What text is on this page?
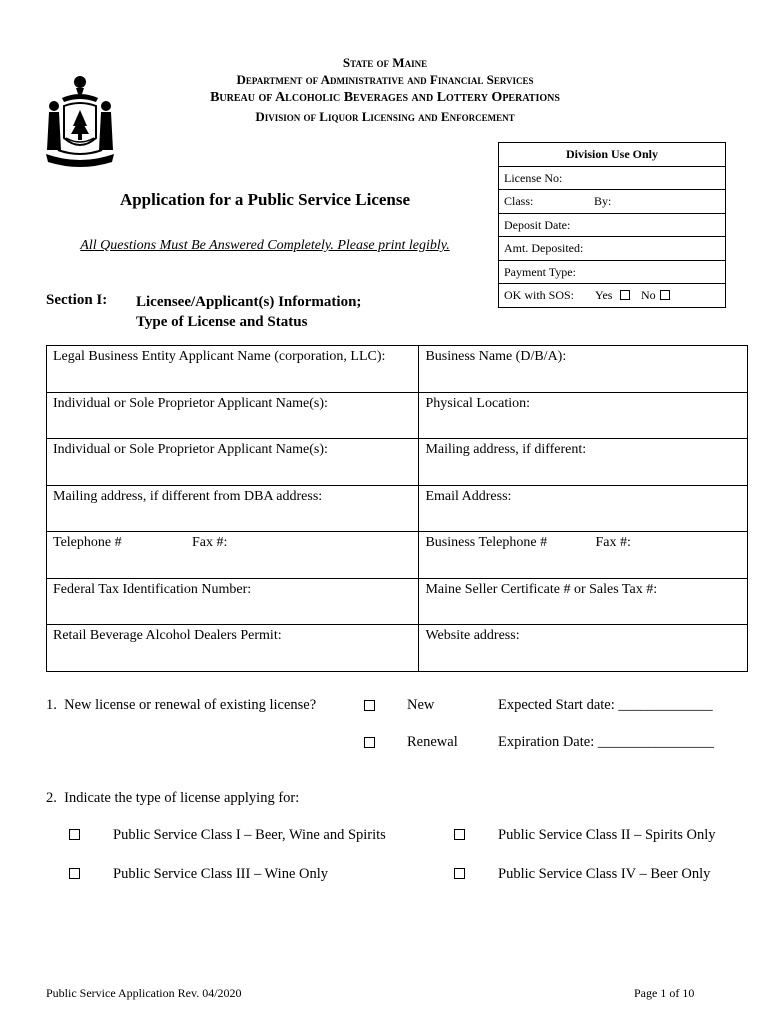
State of Maine
Department of Administrative and Financial Services
Bureau of Alcoholic Beverages and Lottery Operations
Division of Liquor Licensing and Enforcement
Division Use Only
License No:
Class:	By:
Deposit Date:
Amt. Deposited:
Payment Type:
OK with SOS: Yes No
Application for a Public Service License
All Questions Must Be Answered Completely. Please print legibly.
Section I: Licensee/Applicant(s) Information;
Type of License and Status
Legal Business Entity Applicant Name (corporation, LLC):	Business Name (D/B/A):
Individual or Sole Proprietor Applicant Name(s):	Physical Location:
Individual or Sole Proprietor Applicant Name(s):	Mailing address, if different:
Mailing address, if different from DBA address:	Email Address:
Telephone # Fax #:	Business Telephone # Fax #:

Federal Tax Identification Number:	Maine Seller Certificate # or Sales Tax #:
Retail Beverage Alcohol Dealers Permit:	Website address:
1.  New license or renewal of existing license?	New	Expected Start date: _____________
Renewal	Expiration Date: ________________
2.  Indicate the type of license applying for:
Public Service Class I – Beer, Wine and Spirits	Public Service Class II – Spirits Only
Public Service Class III – Wine Only	Public Service Class IV – Beer Only
Public Service Application Rev. 04/2020	Page 1 of 10
